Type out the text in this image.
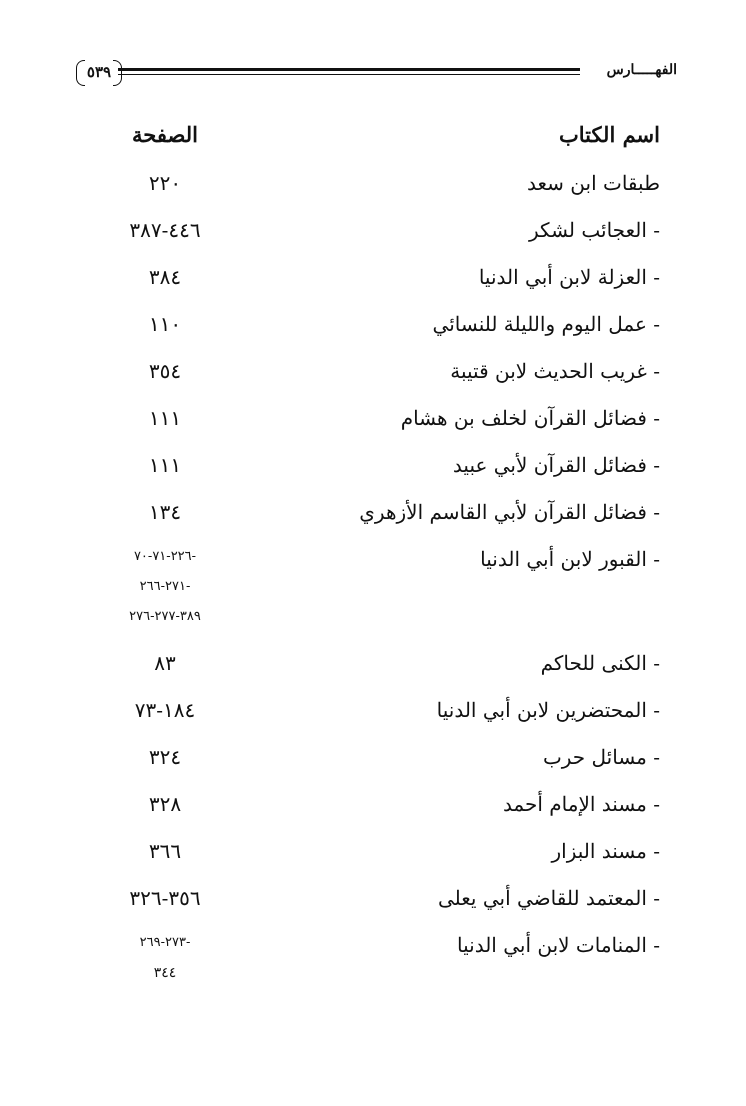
الفهـــــارس
٥٣٩
اسم الكتاب
الصفحة
طبقات ابن سعد
٢٢٠
- العجائب لشكر
٤٤٦-٣٨٧
- العزلة لابن أبي الدنيا
٣٨٤
- عمل اليوم والليلة للنسائي
١١٠
- غريب الحديث لابن قتيبة
٣٥٤
- فضائل القرآن لخلف بن هشام
١١١
- فضائل القرآن لأبي عبيد
١١١
- فضائل القرآن لأبي القاسم الأزهري
١٣٤
- القبور لابن أبي الدنيا
-٢٢٦-٧١-٧٠
-٢٧١-٢٦٦
٣٨٩-٢٧٧-٢٧٦
- الكنى للحاكم
٨٣
- المحتضرين لابن أبي الدنيا
١٨٤-٧٣
- مسائل حرب
٣٢٤
- مسند الإمام أحمد
٣٢٨
- مسند البزار
٣٦٦
- المعتمد للقاضي أبي يعلى
٣٥٦-٣٢٦
- المنامات لابن أبي الدنيا
-٢٧٣-٢٦٩
٣٤٤
